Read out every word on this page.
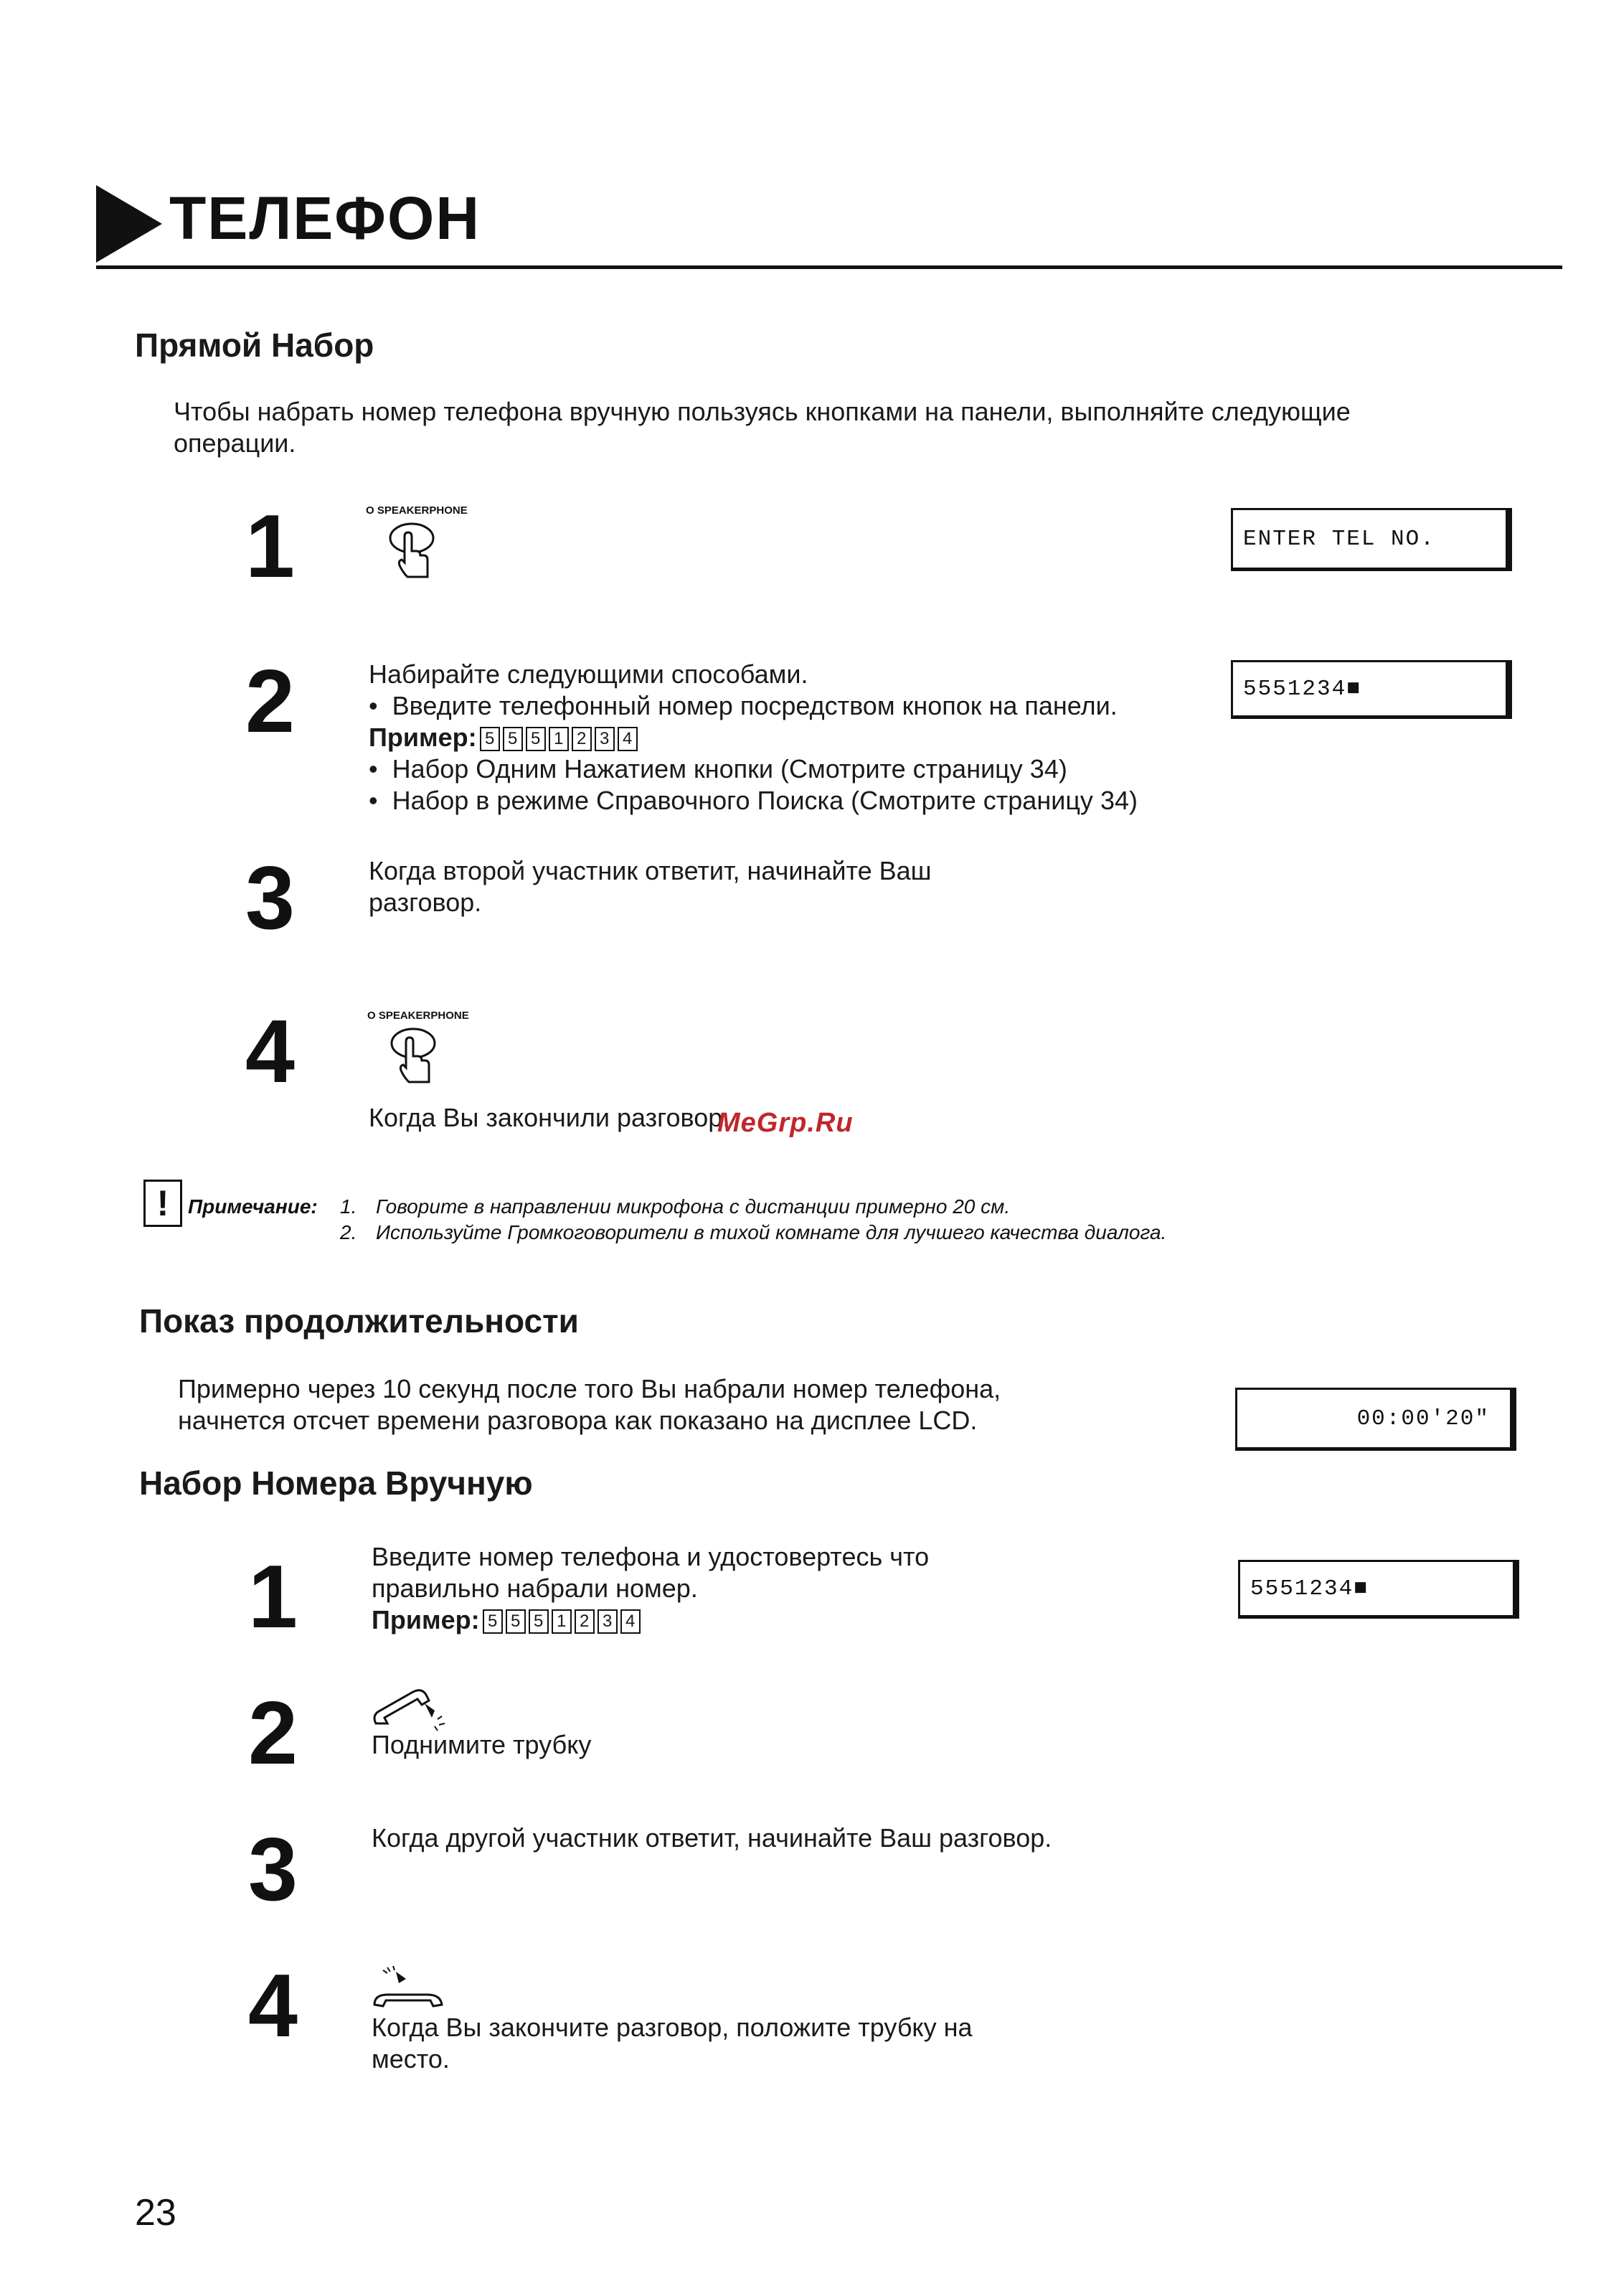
ТЕЛЕФОН
Прямой Набор
Чтобы набрать номер телефона вручную пользуясь кнопками на панели, выполняйте следующие
операции.
1	O SPEAKERPHONE
ENTER TEL NO.
2	Набирайте следующими способами.
• Введите телефонный номер посредством кнопок на панели.
Пример: 5 5 5 1 2 3 4
• Набор Одним Нажатием кнопки (Смотрите страницу 34)
• Набор в режиме Справочного Поиска (Смотрите страницу 34)
5551234■
3	Когда второй участник ответит, начинайте Ваш
разговор.
4	O SPEAKERPHONE
Когда Вы закончили разговор.
MeGrp.Ru
! Примечание: 1. Говорите в направлении микрофона с дистанции примерно 20 см.
2. Используйте Громкоговорители в тихой комнате для лучшего качества диалога.
Показ продолжительности
Примерно через 10 секунд после того Вы набрали номер телефона,
начнется отсчет времени разговора как показано на дисплее LCD.	00:00'20"
Набор Номера Вручную
1	Введите номер телефона и удостовертесь что
правильно набрали номер.
Пример: 5 5 5 1 2 3 4
5551234■
2	Поднимите трубку
3	Когда другой участник ответит, начинайте Ваш разговор.
4	Когда Вы закончите разговор, положите трубку на
место.
23
